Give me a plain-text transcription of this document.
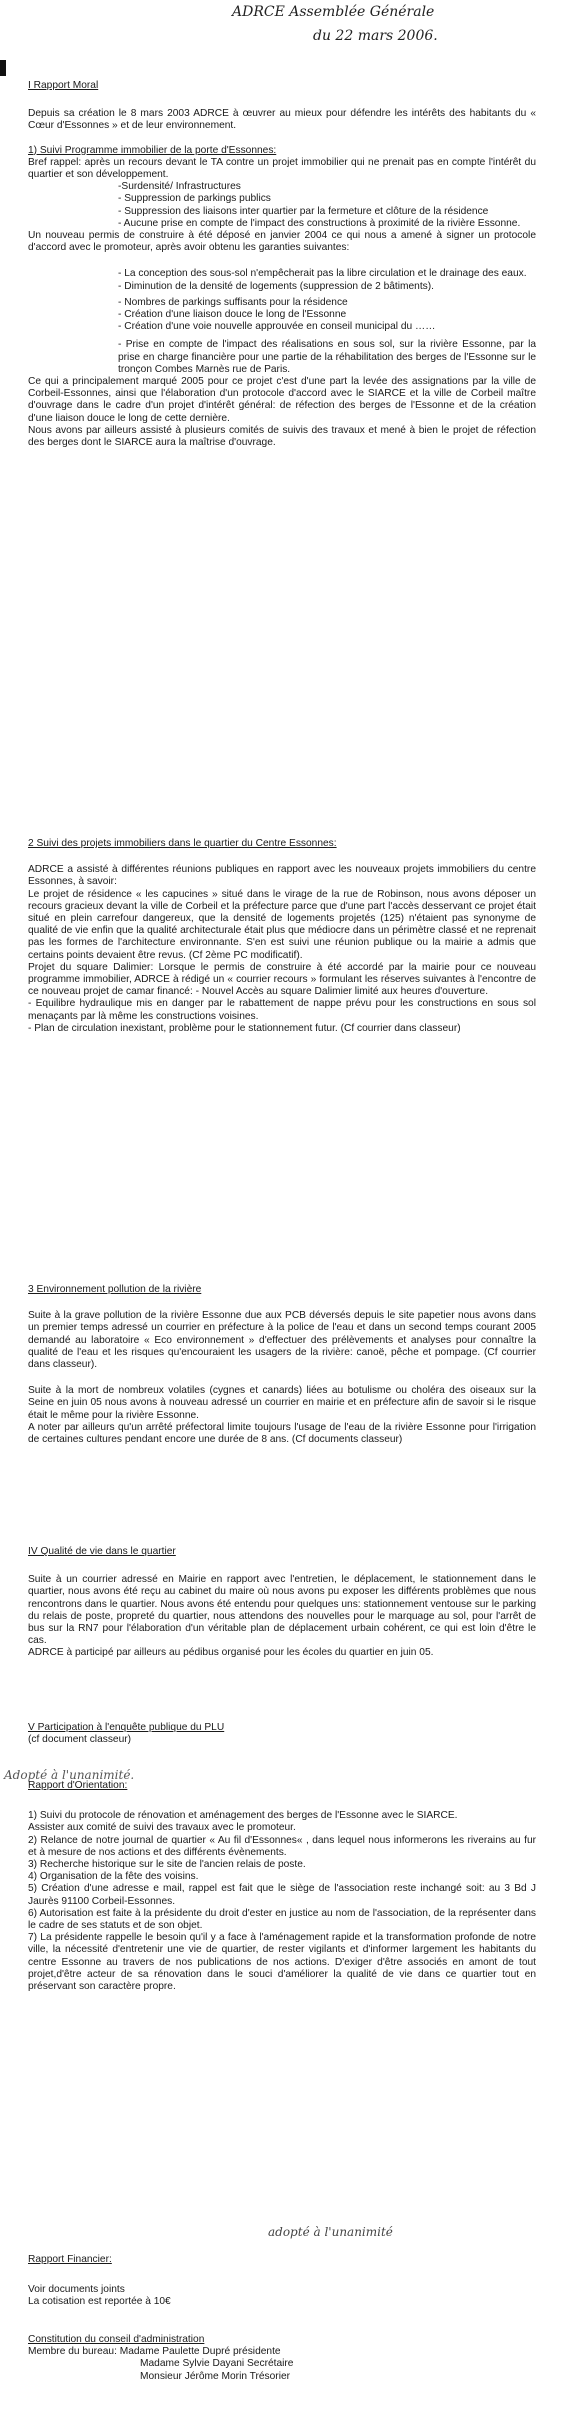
ADRCE Assemblée Générale
du 22 mars 2006.

I Rapport Moral

Depuis sa création le 8 mars 2003 ADRCE à œuvrer au mieux pour défendre les intérêts des habitants du « Cœur d'Essonnes » et de leur environnement.

1) Suivi Programme immobilier de la porte d'Essonnes:

Bref rappel: après un recours devant le TA contre un projet immobilier qui ne prenait pas en compte l'intérêt du quartier et son développement.

-Surdensité/ Infrastructures

- Suppression de parkings publics

- Suppression des liaisons inter quartier par la fermeture et clôture de la résidence

- Aucune prise en compte de l'impact des constructions à proximité de la rivière Essonne.

Un nouveau permis de construire à été déposé en janvier 2004 ce qui nous a amené à signer un protocole d'accord avec le promoteur, après avoir obtenu les garanties suivantes:

- La conception des sous-sol n'empêcherait pas la libre circulation et le drainage des eaux.

- Diminution de la densité de logements (suppression de 2 bâtiments).

- Nombres de parkings suffisants pour la résidence

- Création d'une liaison douce le long de l'Essonne

- Création d'une voie nouvelle approuvée en conseil municipal du ……

- Prise en compte de l'impact des réalisations en sous sol, sur la rivière Essonne, par la prise en charge financière pour une partie de la réhabilitation des berges de l'Essonne sur le tronçon Combes Marnès rue de Paris.

Ce qui a principalement marqué 2005 pour ce projet c'est d'une part la levée des assignations par la ville de Corbeil-Essonnes, ainsi que l'élaboration d'un protocole d'accord avec le SIARCE et la ville de Corbeil maître d'ouvrage dans le cadre d'un projet d'intérêt général: de réfection des berges de l'Essonne et de la création d'une liaison douce le long de cette dernière.

Nous avons par ailleurs assisté à plusieurs comités de suivis des travaux et mené à bien le projet de réfection des berges dont le SIARCE aura la maîtrise d'ouvrage.

2 Suivi des projets immobiliers dans le quartier du Centre Essonnes:

ADRCE a assisté à différentes réunions publiques en rapport avec les nouveaux projets immobiliers du centre Essonnes, à savoir:

Le projet de résidence « les capucines » situé dans le virage de la rue de Robinson, nous avons déposer un recours gracieux devant la ville de Corbeil et la préfecture parce que d'une part l'accès desservant ce projet était situé en plein carrefour dangereux, que la densité de logements projetés (125) n'étaient pas synonyme de qualité de vie enfin que la qualité architecturale était plus que médiocre dans un périmètre classé et ne reprenait pas les formes de l'architecture environnante. S'en est suivi une réunion publique ou la mairie a admis que certains points devaient être revus. (Cf 2ème PC modificatif).

Projet du square Dalimier: Lorsque le permis de construire à été accordé par la mairie pour ce nouveau programme immobilier, ADRCE à rédigé un « courrier recours » formulant les réserves suivantes à l'encontre de ce nouveau projet de camar financé: - Nouvel Accès au square Dalimier limité aux heures d'ouverture.

- Equilibre hydraulique mis en danger par le rabattement de nappe prévu pour les constructions en sous sol menaçants par là même les constructions voisines.

- Plan de circulation inexistant, problème pour le stationnement futur. (Cf courrier dans classeur)

3 Environnement pollution de la rivière

Suite à la grave pollution de la rivière Essonne due aux PCB déversés depuis le site papetier nous avons dans un premier temps adressé un courrier en préfecture à la police de l'eau et dans un second temps courant 2005 demandé au laboratoire « Eco environnement » d'effectuer des prélèvements et analyses pour connaître la qualité de l'eau et les risques qu'encouraient les usagers de la rivière: canoë, pêche et pompage. (Cf courrier dans classeur).

Suite à la mort de nombreux volatiles (cygnes et canards) liées au botulisme ou choléra des oiseaux sur la Seine en juin 05 nous avons à nouveau adressé un courrier en mairie et en préfecture afin de savoir si le risque était le même pour la rivière Essonne.

A noter par ailleurs qu'un arrêté préfectoral limite toujours l'usage de l'eau de la rivière Essonne pour l'irrigation de certaines cultures pendant encore une durée de 8 ans. (Cf documents classeur)

IV Qualité de vie dans le quartier

Suite à un courrier adressé en Mairie en rapport avec l'entretien, le déplacement, le stationnement dans le quartier, nous avons été reçu au cabinet du maire où nous avons pu exposer les différents problèmes que nous rencontrons dans le quartier. Nous avons été entendu pour quelques uns: stationnement ventouse sur le parking du relais de poste, propreté du quartier, nous attendons des nouvelles pour le marquage au sol, pour l'arrêt de bus sur la RN7 pour l'élaboration d'un véritable plan de déplacement urbain cohérent, ce qui est loin d'être le cas.

ADRCE à participé par ailleurs au pédibus organisé pour les écoles du quartier en juin 05.

V Participation à l'enquête publique du PLU

(cf document classeur)

Adopté à l'unanimité.

Rapport d'Orientation:

1) Suivi du protocole de rénovation et aménagement des berges de l'Essonne avec le SIARCE.

Assister aux comité de suivi des travaux avec le promoteur.

2) Relance de notre journal de quartier « Au fil d'Essonnes« , dans lequel nous informerons les riverains au fur et à mesure de nos actions et des différents évènements.

3) Recherche historique sur le site de l'ancien relais de poste.

4) Organisation de la fête des voisins.

5) Création d'une adresse e mail, rappel est fait que le siège de l'association reste inchangé soit: au 3 Bd J Jaurès 91100 Corbeil-Essonnes.

6) Autorisation est faite à la présidente du droit d'ester en justice au nom de l'association, de la représenter dans le cadre de ses statuts et de son objet.

7) La présidente rappelle le besoin qu'il y a face à l'aménagement rapide et la transformation profonde de notre ville, la nécessité d'entretenir une vie de quartier, de rester vigilants et d'informer largement les habitants du centre Essonne au travers de nos publications de nos actions. D'exiger d'être associés en amont de tout projet,d'être acteur de sa rénovation dans le souci d'améliorer la qualité de vie dans ce quartier tout en préservant son caractère propre.

adopté à l'unanimité

Rapport Financier:

Voir documents joints

La cotisation est reportée à 10€

Constitution du conseil d'administration

Membre du bureau: Madame Paulette Dupré présidente

Madame Sylvie Dayani Secrétaire

Monsieur Jérôme Morin Trésorier
